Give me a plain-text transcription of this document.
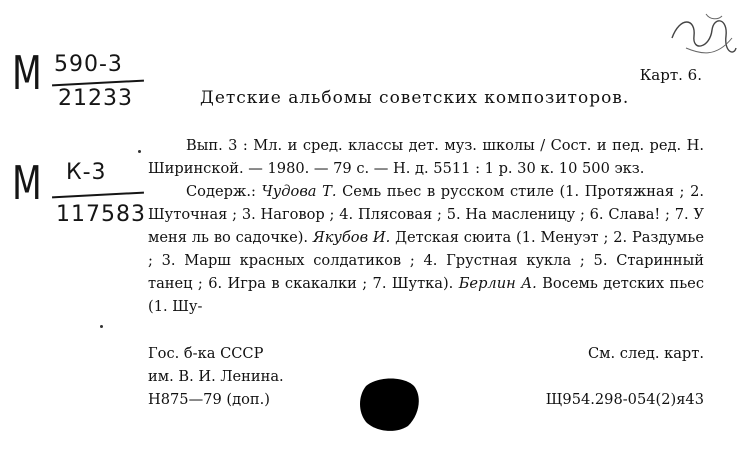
М 590-3
21233
М К-3
117583
Карт. 6.
Детские альбомы советских композиторов.

Вып. 3 : Мл. и сред. классы дет. муз. школы / Сост. и пед. ред. Н. Ширинской. — 1980. — 79 с. — Н. д. 5511 : 1 р. 30 к. 10 500 экз.

Содерж.: Чудова Т. Семь пьес в русском стиле (1. Протяжная ; 2. Шуточная ; 3. Наговор ; 4. Плясовая ; 5. На масленицу ; 6. Слава! ; 7. У меня ль во садочке). Якубов И. Детская сюита (1. Менуэт ; 2. Раздумье ; 3. Марш красных солдатиков ; 4. Грустная кукла ; 5. Старинный танец ; 6. Игра в скакалки ; 7. Шутка). Берлин А. Восемь детских пьес (1. Шу-

Гос. б-ка СССР	См. след. карт.
им. В. И. Ленина.
Н875—79 (доп.)	Щ954.298-054(2)я43
